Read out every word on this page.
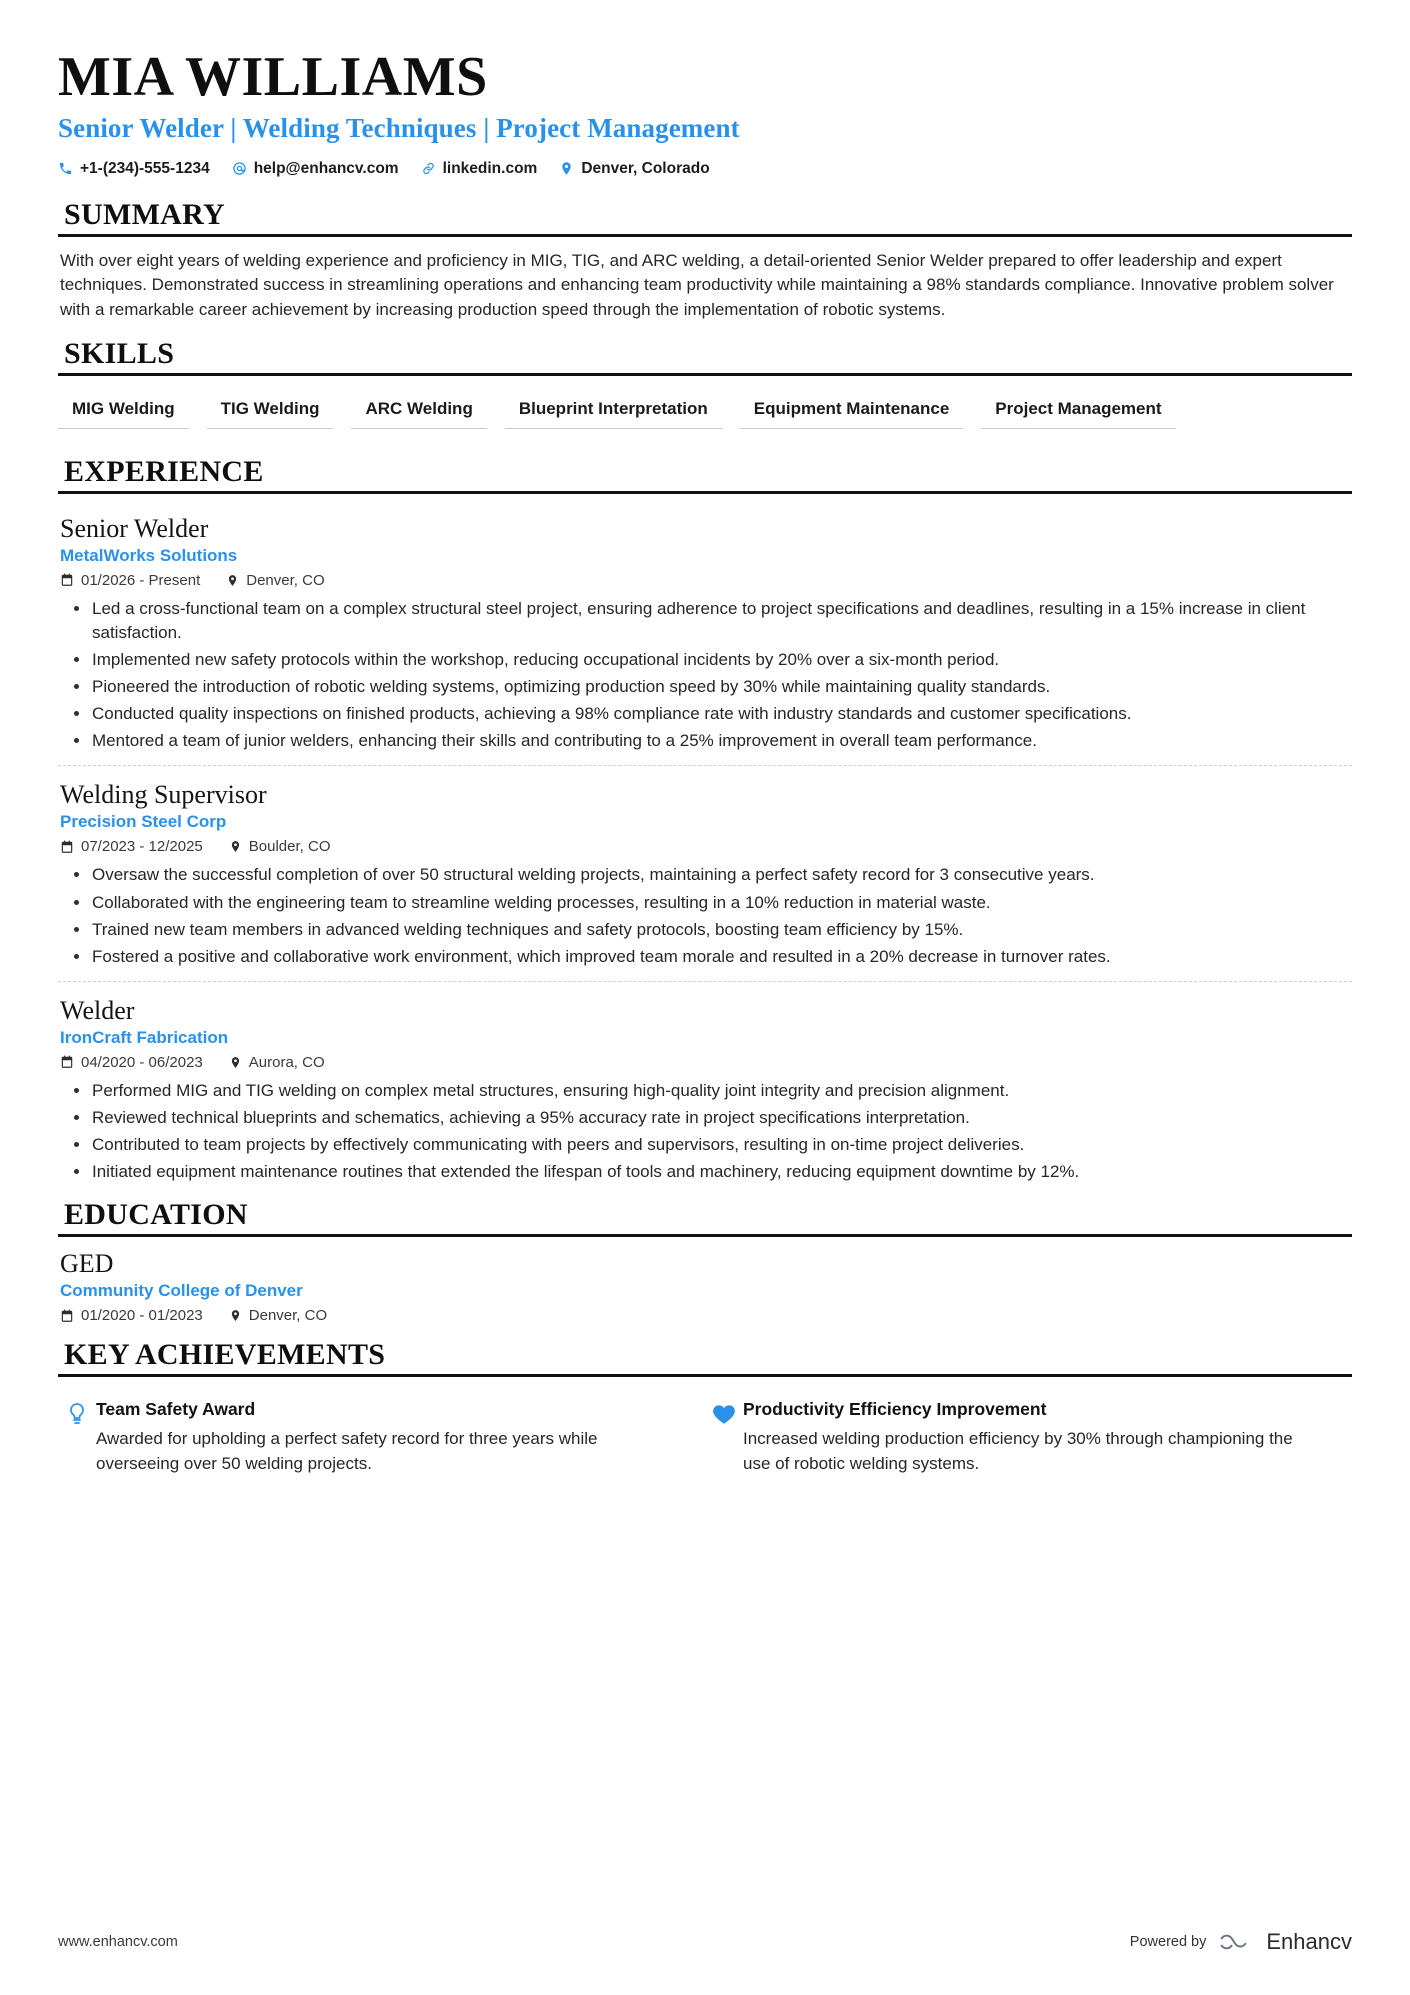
MIA WILLIAMS
Senior Welder | Welding Techniques | Project Management
+1-(234)-555-1234	help@enhancv.com	linkedin.com	Denver, Colorado
SUMMARY
With over eight years of welding experience and proficiency in MIG, TIG, and ARC welding, a detail-oriented Senior Welder prepared to offer leadership and expert techniques. Demonstrated success in streamlining operations and enhancing team productivity while maintaining a 98% standards compliance. Innovative problem solver with a remarkable career achievement by increasing production speed through the implementation of robotic systems.
SKILLS
MIG Welding	TIG Welding	ARC Welding	Blueprint Interpretation	Equipment Maintenance	Project Management
EXPERIENCE
Senior Welder
MetalWorks Solutions
01/2026 - Present	Denver, CO
Led a cross-functional team on a complex structural steel project, ensuring adherence to project specifications and deadlines, resulting in a 15% increase in client satisfaction.
Implemented new safety protocols within the workshop, reducing occupational incidents by 20% over a six-month period.
Pioneered the introduction of robotic welding systems, optimizing production speed by 30% while maintaining quality standards.
Conducted quality inspections on finished products, achieving a 98% compliance rate with industry standards and customer specifications.
Mentored a team of junior welders, enhancing their skills and contributing to a 25% improvement in overall team performance.
Welding Supervisor
Precision Steel Corp
07/2023 - 12/2025	Boulder, CO
Oversaw the successful completion of over 50 structural welding projects, maintaining a perfect safety record for 3 consecutive years.
Collaborated with the engineering team to streamline welding processes, resulting in a 10% reduction in material waste.
Trained new team members in advanced welding techniques and safety protocols, boosting team efficiency by 15%.
Fostered a positive and collaborative work environment, which improved team morale and resulted in a 20% decrease in turnover rates.
Welder
IronCraft Fabrication
04/2020 - 06/2023	Aurora, CO
Performed MIG and TIG welding on complex metal structures, ensuring high-quality joint integrity and precision alignment.
Reviewed technical blueprints and schematics, achieving a 95% accuracy rate in project specifications interpretation.
Contributed to team projects by effectively communicating with peers and supervisors, resulting in on-time project deliveries.
Initiated equipment maintenance routines that extended the lifespan of tools and machinery, reducing equipment downtime by 12%.
EDUCATION
GED
Community College of Denver
01/2020 - 01/2023	Denver, CO
KEY ACHIEVEMENTS
Team Safety Award
Awarded for upholding a perfect safety record for three years while overseeing over 50 welding projects.
Productivity Efficiency Improvement
Increased welding production efficiency by 30% through championing the use of robotic welding systems.
www.enhancv.com	Powered by	Enhancv
